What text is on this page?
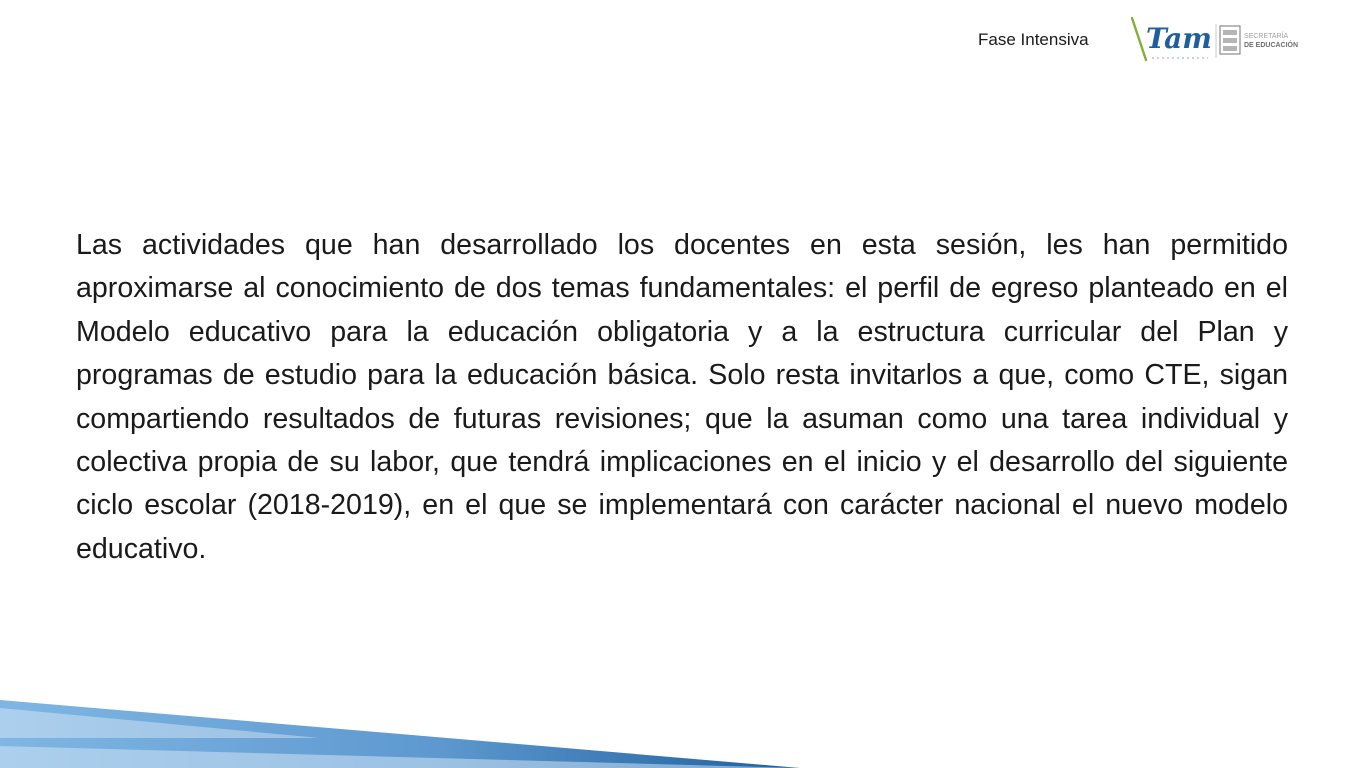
Fase Intensiva Tam	SECRETARÍA
DE EDUCACIÓN

Las actividades que han desarrollado los docentes en esta sesión, les han permitido aproximarse al conocimiento de dos temas fundamentales: el perfil de egreso planteado en el Modelo educativo para la educación obligatoria y a la estructura curricular del Plan y programas de estudio para la educación básica. Solo resta invitarlos a que, como CTE, sigan compartiendo resultados de futuras revisiones; que la asuman como una tarea individual y colectiva propia de su labor, que tendrá implicaciones en el inicio y el desarrollo del siguiente ciclo escolar (2018-2019), en el que se implementará con carácter nacional el nuevo modelo educativo.
